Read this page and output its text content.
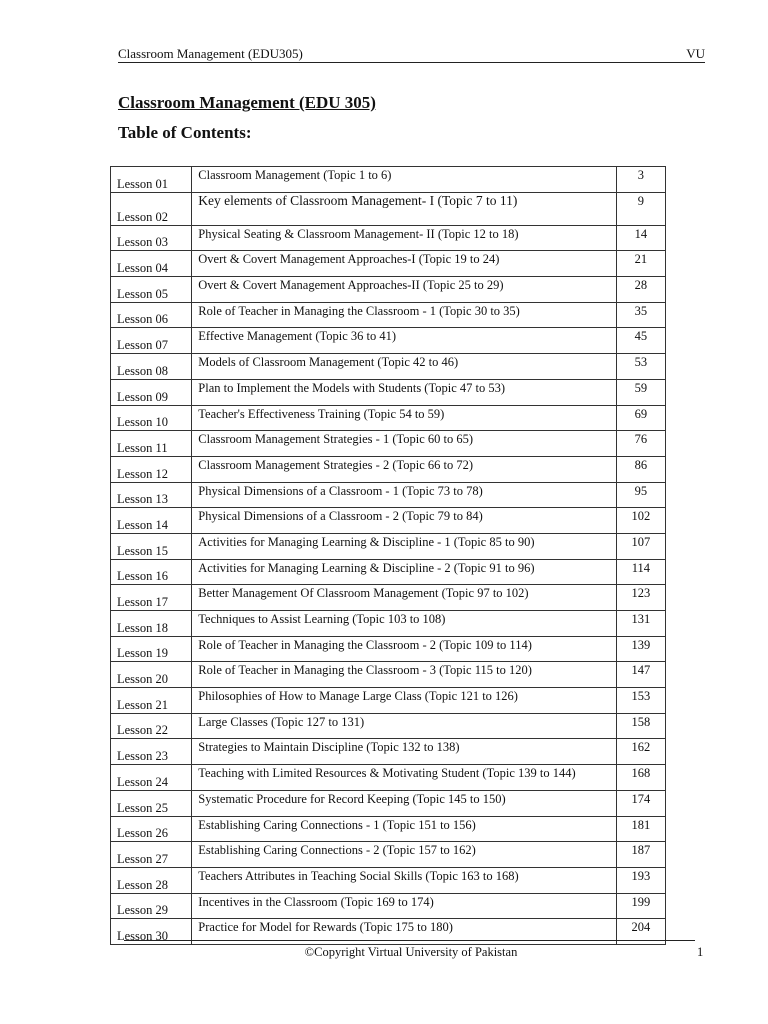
Classroom Management (EDU305)	VU
Classroom Management (EDU 305)
Table of Contents:
Lesson 01	Classroom Management (Topic 1 to 6)	3
Lesson 02	Key elements of Classroom Management- I (Topic 7 to 11)	9
Lesson 03	Physical Seating & Classroom Management- II (Topic 12 to 18)	14
Lesson 04	Overt & Covert Management Approaches-I (Topic 19 to 24)	21
Lesson 05	Overt & Covert Management Approaches-II (Topic 25 to 29)	28
Lesson 06	Role of Teacher in Managing the Classroom - 1 (Topic 30 to 35)	35
Lesson 07	Effective Management (Topic 36 to 41)	45
Lesson 08	Models of Classroom Management (Topic 42 to 46)	53
Lesson 09	Plan to Implement the Models with Students (Topic 47 to 53)	59
Lesson 10	Teacher's Effectiveness Training (Topic 54 to 59)	69
Lesson 11	Classroom Management Strategies - 1 (Topic 60 to 65)	76
Lesson 12	Classroom Management Strategies - 2 (Topic 66 to 72)	86
Lesson 13	Physical Dimensions of a Classroom - 1 (Topic 73 to 78)	95
Lesson 14	Physical Dimensions of a Classroom - 2 (Topic 79 to 84)	102
Lesson 15	Activities for Managing Learning & Discipline - 1 (Topic 85 to 90)	107
Lesson 16	Activities for Managing Learning & Discipline - 2 (Topic 91 to 96)	114
Lesson 17	Better Management Of Classroom Management (Topic 97 to 102)	123
Lesson 18	Techniques to Assist Learning (Topic 103 to 108)	131
Lesson 19	Role of Teacher in Managing the Classroom - 2 (Topic 109 to 114)	139
Lesson 20	Role of Teacher in Managing the Classroom - 3 (Topic 115 to 120)	147
Lesson 21	Philosophies of How to Manage Large Class (Topic 121 to 126)	153
Lesson 22	Large Classes (Topic 127 to 131)	158
Lesson 23	Strategies to Maintain Discipline (Topic 132 to 138)	162
Lesson 24	Teaching with Limited Resources & Motivating Student (Topic 139 to 144)	168
Lesson 25	Systematic Procedure for Record Keeping (Topic 145 to 150)	174
Lesson 26	Establishing Caring Connections - 1 (Topic 151 to 156)	181
Lesson 27	Establishing Caring Connections - 2 (Topic 157 to 162)	187
Lesson 28	Teachers Attributes in Teaching Social Skills (Topic 163 to 168)	193
Lesson 29	Incentives in the Classroom (Topic 169 to 174)	199
Lesson 30	Practice for Model for Rewards (Topic 175 to 180)	204
©Copyright Virtual University of Pakistan	1
